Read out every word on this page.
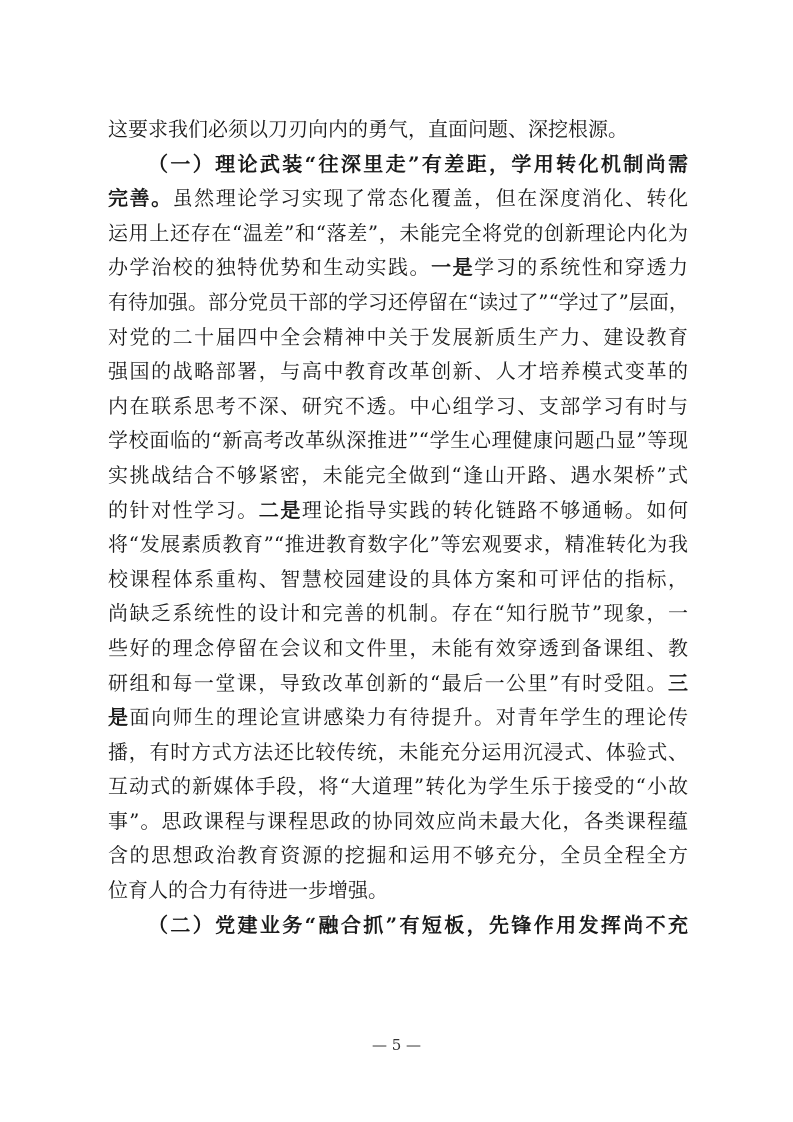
这要求我们必须以刀刃向内的勇气，直面问题、深挖根源。
（一）理论武装“往深里走”有差距，学用转化机制尚需
完善。虽然理论学习实现了常态化覆盖，但在深度消化、转化
运用上还存在“温差”和“落差”，未能完全将党的创新理论内化为
办学治校的独特优势和生动实践。一是学习的系统性和穿透力
有待加强。部分党员干部的学习还停留在“读过了”“学过了”层面，
对党的二十届四中全会精神中关于发展新质生产力、建设教育
强国的战略部署，与高中教育改革创新、人才培养模式变革的
内在联系思考不深、研究不透。中心组学习、支部学习有时与
学校面临的“新高考改革纵深推进”“学生心理健康问题凸显”等现
实挑战结合不够紧密，未能完全做到“逢山开路、遇水架桥”式
的针对性学习。二是理论指导实践的转化链路不够通畅。如何
将“发展素质教育”“推进教育数字化”等宏观要求，精准转化为我
校课程体系重构、智慧校园建设的具体方案和可评估的指标，
尚缺乏系统性的设计和完善的机制。存在“知行脱节”现象，一
些好的理念停留在会议和文件里，未能有效穿透到备课组、教
研组和每一堂课，导致改革创新的“最后一公里”有时受阻。三
是面向师生的理论宣讲感染力有待提升。对青年学生的理论传
播，有时方式方法还比较传统，未能充分运用沉浸式、体验式、
互动式的新媒体手段，将“大道理”转化为学生乐于接受的“小故
事”。思政课程与课程思政的协同效应尚未最大化，各类课程蕴
含的思想政治教育资源的挖掘和运用不够充分，全员全程全方
位育人的合力有待进一步增强。
（二）党建业务“融合抓”有短板，先锋作用发挥尚不充
— 5 —
